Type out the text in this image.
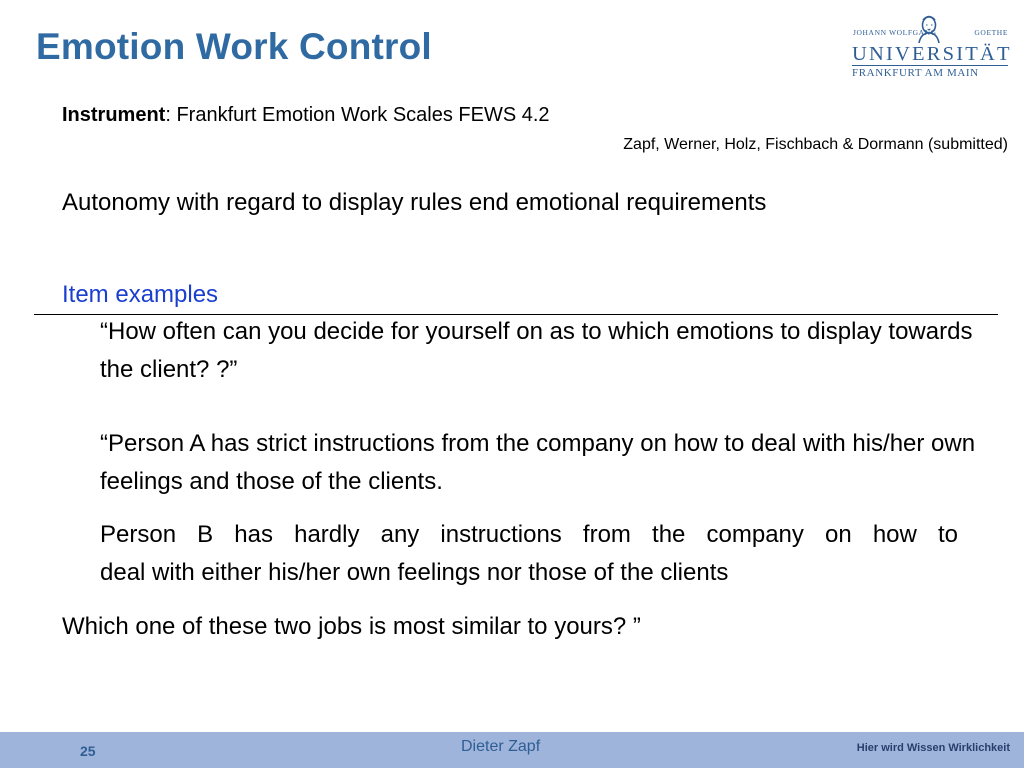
Emotion Work Control	JOHANN WOLFGANG	GOETHE
UNIVERSITÄT
FRANKFURT AM MAIN
Instrument: Frankfurt Emotion Work Scales FEWS 4.2
Zapf, Werner, Holz, Fischbach & Dormann (submitted)
Autonomy with regard to display rules end emotional requirements
Item examples
“How often can you decide for yourself on as to which emotions to display towards the client? ?”
“Person A has strict instructions from the company on how to deal with his/her own feelings and those of the clients.
Person B has hardly any instructions from the company on how to
deal with either his/her own feelings nor those of the clients
Which one of these two jobs is most similar to yours? ”
25	Dieter Zapf	Hier wird Wissen Wirklichkeit
